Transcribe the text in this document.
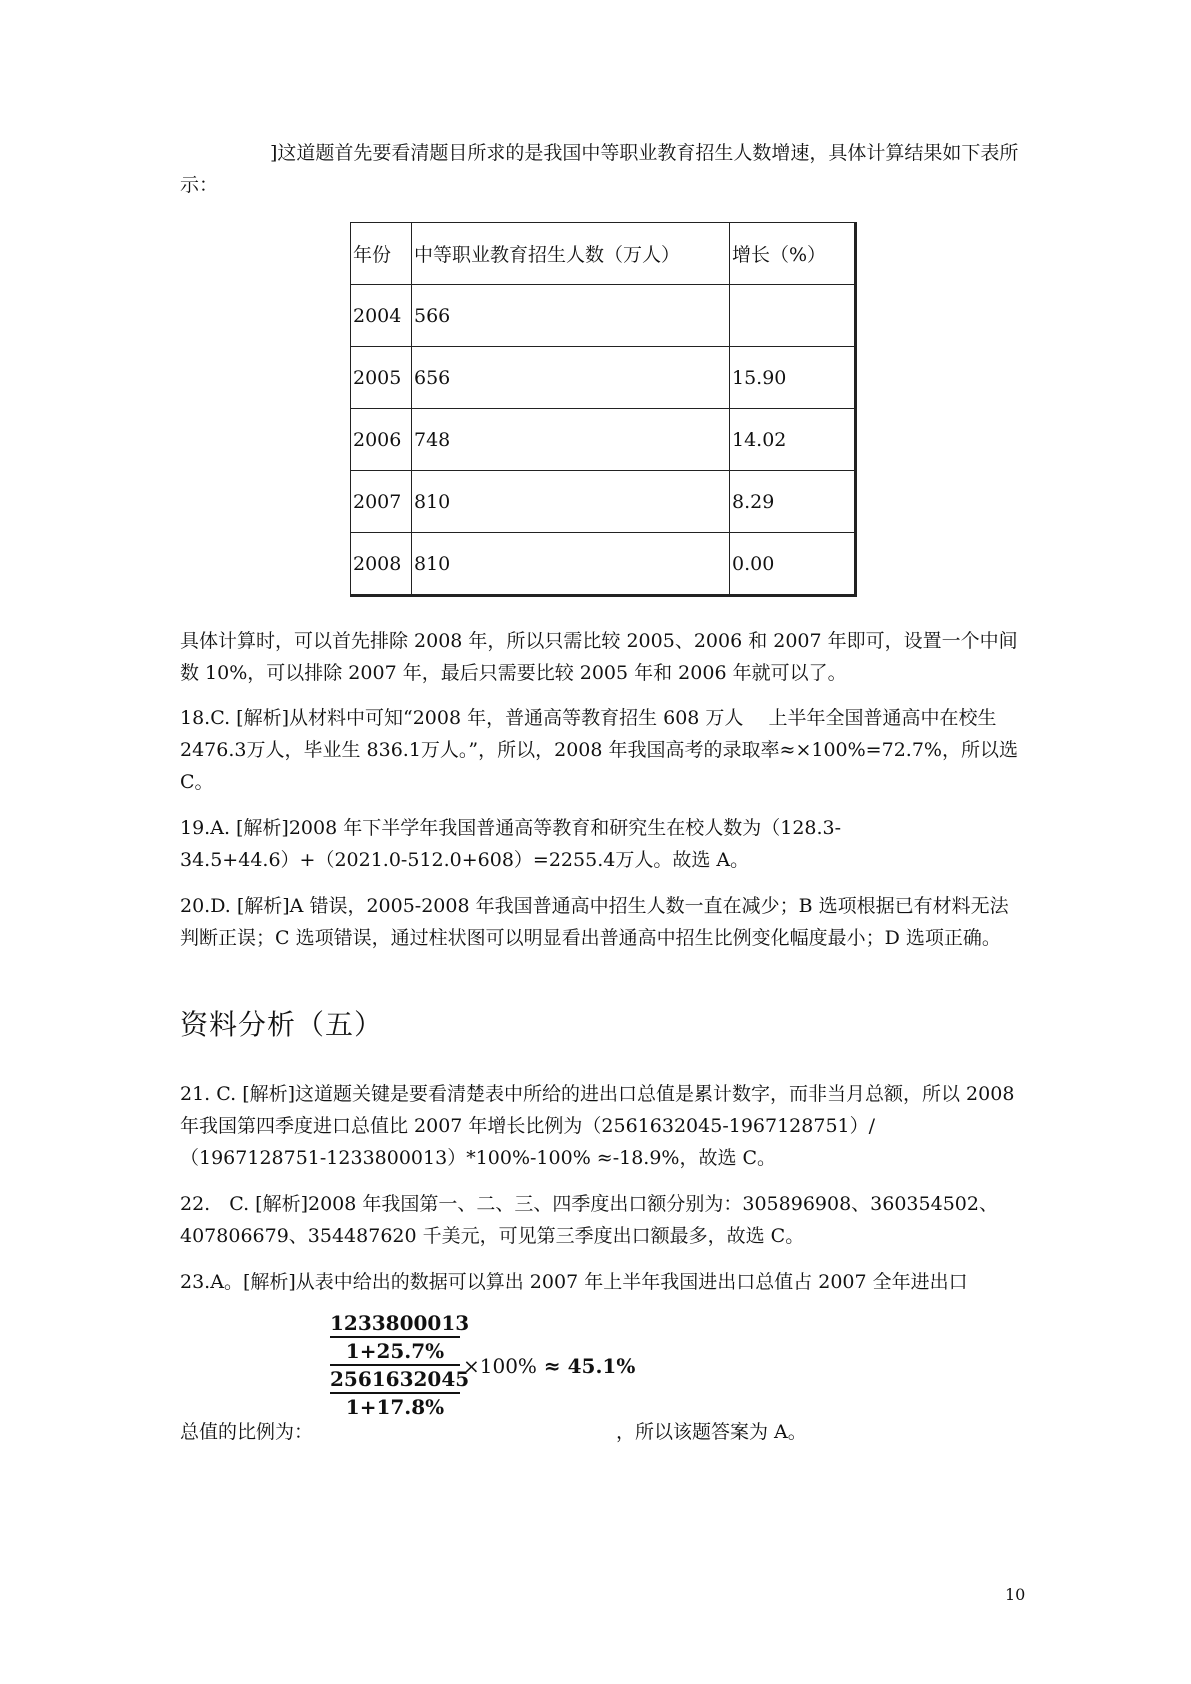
]这道题首先要看清题目所求的是我国中等职业教育招生人数增速，具体计算结果如下表所示：

年份	中等职业教育招生人数（万人）	增长（%）
2004	566	
2005	656	15.90
2006	748	14.02
2007	810	8.29
2008	810	0.00

具体计算时，可以首先排除 2008 年，所以只需比较 2005、2006 和 2007 年即可，设置一个中间数 10%，可以排除 2007 年，最后只需要比较 2005 年和 2006 年就可以了。

18.C. [解析]从材料中可知“2008 年，普通高等教育招生 608 万人　 上半年全国普通高中在校生 2476.3万人，毕业生 836.1万人。”，所以，2008 年我国高考的录取率≈×100%=72.7%，所以选 C。

19.A. [解析]2008 年下半学年我国普通高等教育和研究生在校人数为（128.3-34.5+44.6）+（2021.0-512.0+608）=2255.4万人。故选 A。

20.D. [解析]A 错误，2005-2008 年我国普通高中招生人数一直在减少；B 选项根据已有材料无法判断正误；C 选项错误，通过柱状图可以明显看出普通高中招生比例变化幅度最小；D 选项正确。

资料分析（五）

21. C. [解析]这道题关键是要看清楚表中所给的进出口总值是累计数字，而非当月总额，所以 2008 年我国第四季度进口总值比 2007 年增长比例为（2561632045-1967128751）/（1967128751-1233800013）*100%-100% ≈-18.9%，故选 C。

22.　C. [解析]2008 年我国第一、二、三、四季度出口额分别为：305896908、360354502、407806679、354487620 千美元，可见第三季度出口额最多，故选 C。

23.A。[解析]从表中给出的数据可以算出 2007 年上半年我国进出口总值占 2007 全年进出口

1233800013
1+25.7%
2561632045
1+17.8%
×100% ≈ 45.1%
总值的比例为：	，所以该题答案为 A。
10
